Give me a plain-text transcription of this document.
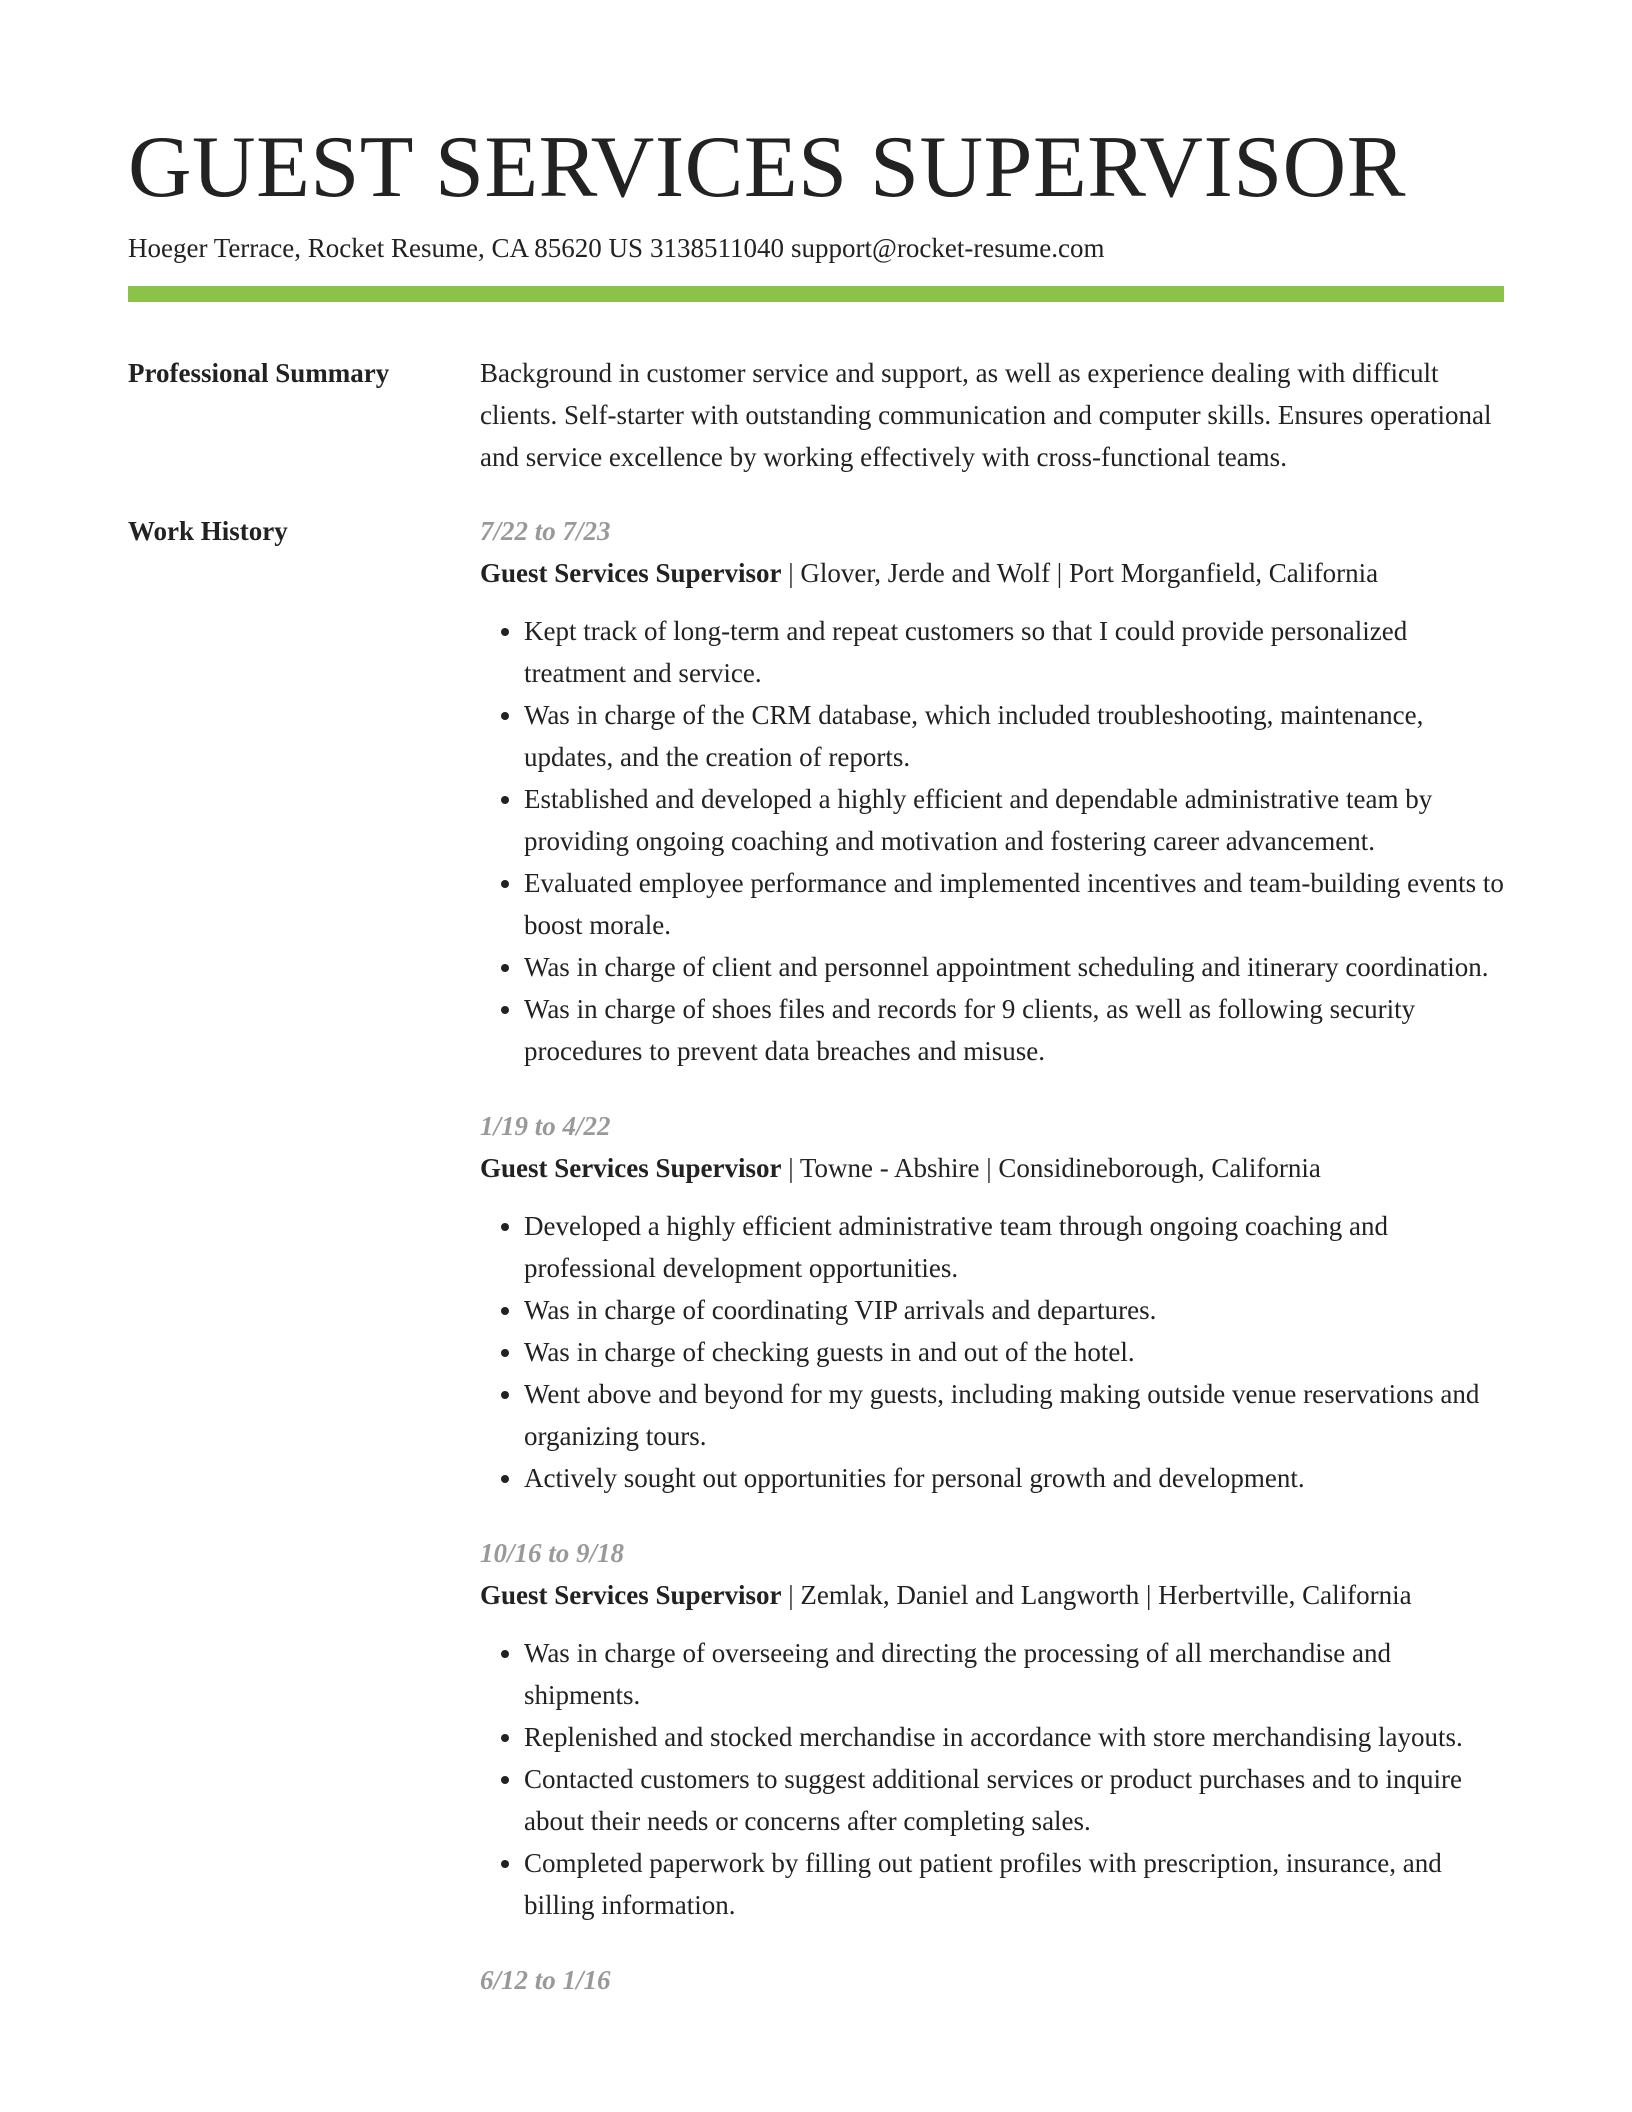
GUEST SERVICES SUPERVISOR
Hoeger Terrace, Rocket Resume, CA 85620 US 3138511040 support@rocket-resume.com
Professional Summary	Background in customer service and support, as well as experience dealing with difficult clients. Self-starter with outstanding communication and computer skills. Ensures operational and service excellence by working effectively with cross-functional teams.

Work History	7/22 to 7/23
Guest Services Supervisor | Glover, Jerde and Wolf | Port Morganfield, California
• Kept track of long-term and repeat customers so that I could provide personalized treatment and service.
• Was in charge of the CRM database, which included troubleshooting, maintenance, updates, and the creation of reports.
• Established and developed a highly efficient and dependable administrative team by providing ongoing coaching and motivation and fostering career advancement.
• Evaluated employee performance and implemented incentives and team-building events to boost morale.
• Was in charge of client and personnel appointment scheduling and itinerary coordination.
• Was in charge of shoes files and records for 9 clients, as well as following security procedures to prevent data breaches and misuse.
1/19 to 4/22
Guest Services Supervisor | Towne - Abshire | Considineborough, California
• Developed a highly efficient administrative team through ongoing coaching and professional development opportunities.
• Was in charge of coordinating VIP arrivals and departures.
• Was in charge of checking guests in and out of the hotel.
• Went above and beyond for my guests, including making outside venue reservations and organizing tours.
• Actively sought out opportunities for personal growth and development.
10/16 to 9/18
Guest Services Supervisor | Zemlak, Daniel and Langworth | Herbertville, California
• Was in charge of overseeing and directing the processing of all merchandise and shipments.
• Replenished and stocked merchandise in accordance with store merchandising layouts.
• Contacted customers to suggest additional services or product purchases and to inquire about their needs or concerns after completing sales.
• Completed paperwork by filling out patient profiles with prescription, insurance, and billing information.
6/12 to 1/16
